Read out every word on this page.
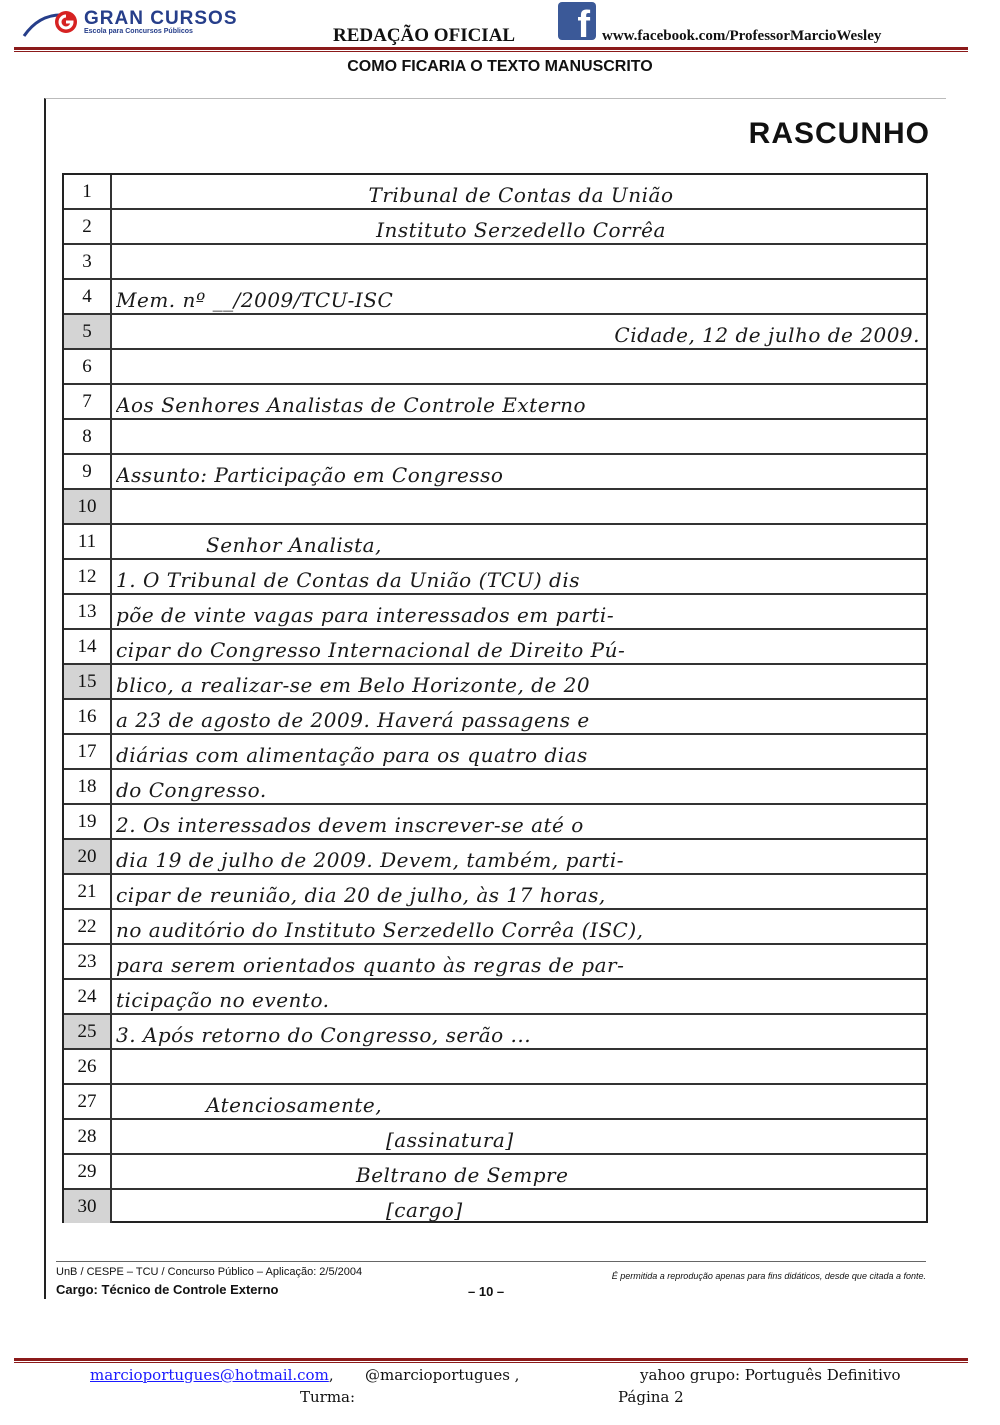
GRAN CURSOS
Escola para Concursos Públicos	REDAÇÃO OFICIAL f www.facebook.com/ProfessorMarcioWesley
COMO FICARIA O TEXTO MANUSCRITO
RASCUNHO
1	Tribunal de Contas da União
2	Instituto Serzedello Corrêa
3
4	Mem. nº __/2009/TCU-ISC
5	Cidade, 12 de julho de 2009.
6
7	Aos Senhores Analistas de Controle Externo
8
9	Assunto: Participação em Congresso
10
11	Senhor Analista,
12 1. O Tribunal de Contas da União (TCU) dis
13 põe de vinte vagas para interessados em parti-
14 cipar do Congresso Internacional de Direito Pú-
15 blico, a realizar-se em Belo Horizonte, de 20
16 a 23 de agosto de 2009. Haverá passagens e
17 diárias com alimentação para os quatro dias
18 do Congresso.
19 2. Os interessados devem inscrever-se até o
20 dia 19 de julho de 2009. Devem, também, parti-
21 cipar de reunião, dia 20 de julho, às 17 horas,
22 no auditório do Instituto Serzedello Corrêa (ISC),
23 para serem orientados quanto às regras de par-
24 ticipação no evento.
25 3. Após retorno do Congresso, serão ...
26
27	Atenciosamente,
28	[assinatura]
29	Beltrano de Sempre
30	[cargo]
UnB / CESPE – TCU / Concurso Público – Aplicação: 2/5/2004	É permitida a reprodução apenas para fins didáticos, desde que citada a fonte.
Cargo: Técnico de Controle Externo	– 10 –
marcioportugues@hotmail.com, @marcioportugues ,	yahoo grupo: Português Definitivo
Turma:	Página 2
